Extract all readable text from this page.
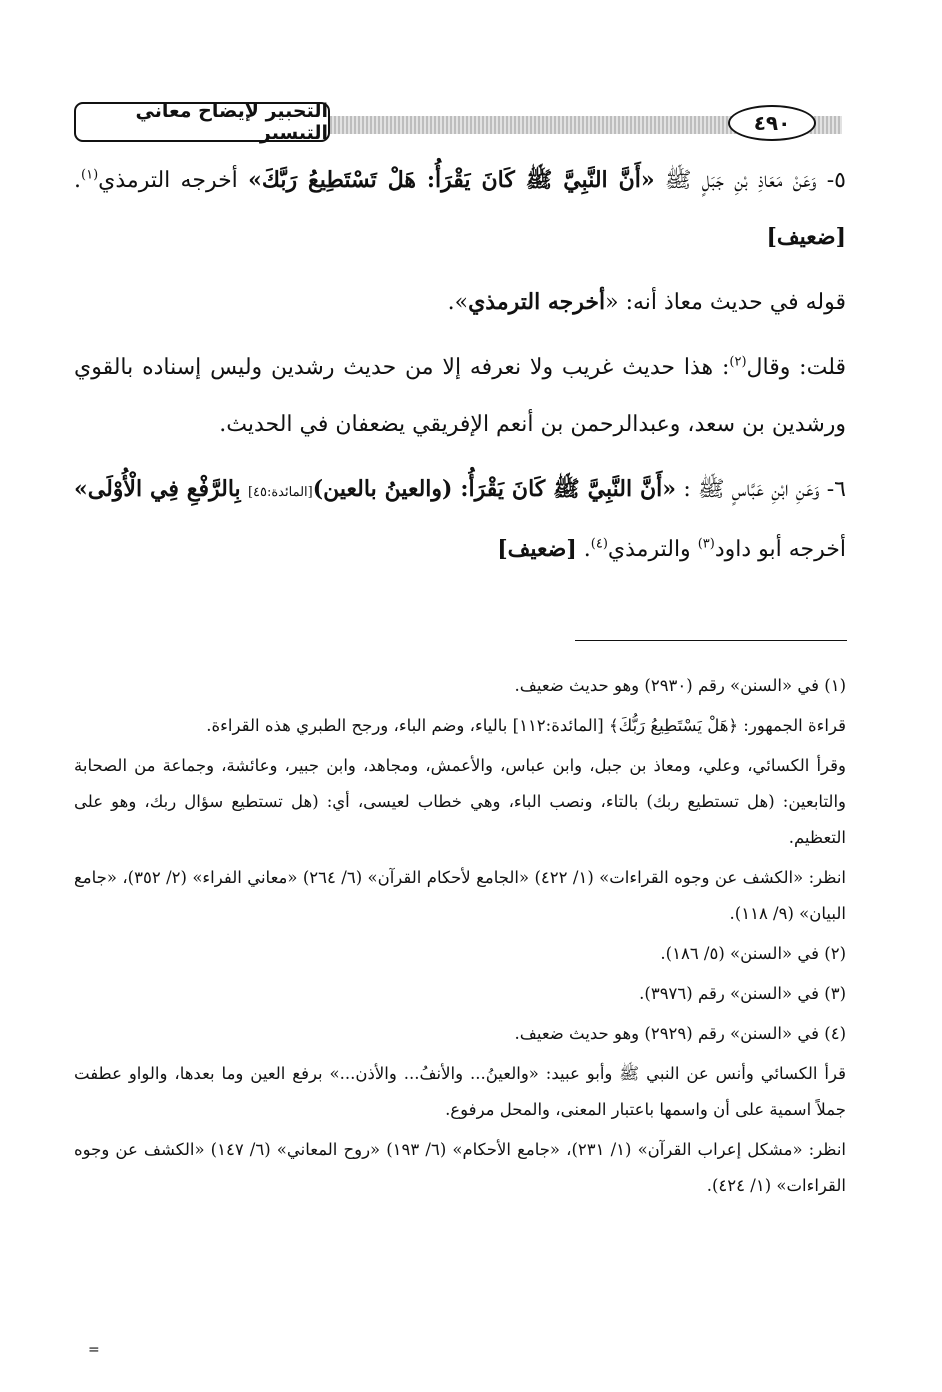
التحبير لإيضاح معاني التيسير	٤٩٠

٥- وَعَنْ مَعَاذِ بْنِ جَبَلٍ ﷺ «أَنَّ النَّبِيَّ ﷺ كَانَ يَقْرَأُ: هَلْ تَسْتَطِيعُ رَبَّكَ» أخرجه الترمذي$^{(١)}$. [ضعيف]

قوله في حديث معاذ أنه: «أخرجه الترمذي».

قلت: وقال$^{(٢)}$: هذا حديث غريب ولا نعرفه إلا من حديث رشدين وليس إسناده بالقوي ورشدين بن سعد، وعبدالرحمن بن أنعم الإفريقي يضعفان في الحديث.

٦- وَعَنِ ابْنِ عَبَّاسٍ ﷺ : «أَنَّ النَّبِيَّ ﷺ كَانَ يَقْرَأُ: (والعينُ بالعين)[المائدة:٤٥] بِالرَّفْعِ فِي الْأُوْلَى» أخرجه أبو داود$^{(٣)}$ والترمذي$^{(٤)}$. [ضعيف]

(١) في «السنن» رقم (٢٩٣٠) وهو حديث ضعيف.

قراءة الجمهور: ﴿هَلْ يَسْتَطِيعُ رَبُّكَ﴾ [المائدة:١١٢] بالياء، وضم الباء، ورجح الطبري هذه القراءة.

وقرأ الكسائي، وعلي، ومعاذ بن جبل، وابن عباس، والأعمش، ومجاهد، وابن جبير، وعائشة، وجماعة من الصحابة والتابعين: (هل تستطيع ربك) بالتاء، ونصب الباء، وهي خطاب لعيسى، أي: (هل تستطيع سؤال ربك، وهو على التعظيم.

انظر: «الكشف عن وجوه القراءات» (١/ ٤٢٢) «الجامع لأحكام القرآن» (٦/ ٢٦٤) «معاني الفراء» (٢/ ٣٥٢)، «جامع البيان» (٩/ ١١٨).

(٢) في «السنن» (٥/ ١٨٦).

(٣) في «السنن» رقم (٣٩٧٦).

(٤) في «السنن» رقم (٢٩٢٩) وهو حديث ضعيف.

قرأ الكسائي وأنس عن النبي ﷺ وأبو عبيد: «والعينُ... والأنفُ... والأذن...» برفع العين وما بعدها، والواو عطفت جملاً اسمية على أن واسمها باعتبار المعنى، والمحل مرفوع.

انظر: «مشكل إعراب القرآن» (١/ ٢٣١)، «جامع الأحكام» (٦/ ١٩٣) «روح المعاني» (٦/ ١٤٧) «الكشف عن وجوه القراءات» (١/ ٤٢٤).

=
